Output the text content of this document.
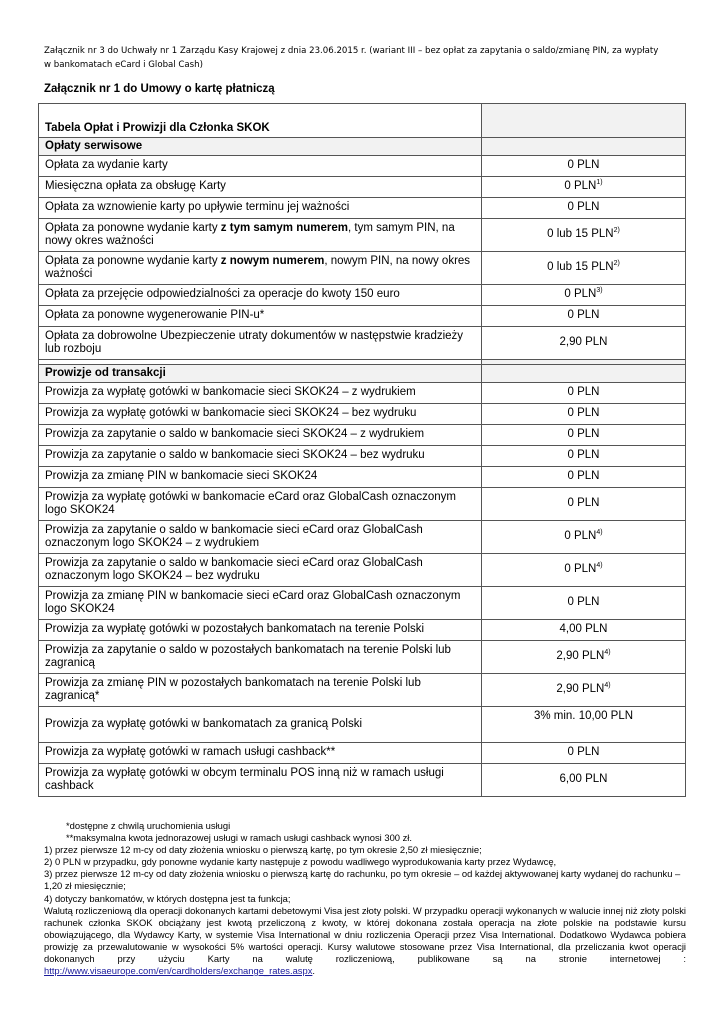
Załącznik nr 3 do Uchwały nr 1 Zarządu Kasy Krajowej z dnia 23.06.2015 r. (wariant III – bez opłat za zapytania o saldo/zmianę PIN, za wypłaty
w bankomatach eCard i Global Cash)
Załącznik nr 1 do Umowy o kartę płatniczą
Tabela Opłat i Prowizji dla Członka SKOK	
Opłaty serwisowe	
Opłata za wydanie karty	0 PLN
Miesięczna opłata za obsługę Karty	0 PLN$^{1)}$
Opłata za wznowienie karty po upływie terminu jej ważności	0 PLN
Opłata za ponowne wydanie karty z tym samym numerem, tym samym PIN, na nowy okres ważności	0 lub 15 PLN$^{2)}$
Opłata za ponowne wydanie karty z nowym numerem, nowym PIN, na nowy okres ważności	0 lub 15 PLN$^{2)}$
Opłata za przejęcie odpowiedzialności za operacje do kwoty 150 euro	0 PLN$^{3)}$
Opłata za ponowne wygenerowanie PIN-u*	0 PLN
Opłata za dobrowolne Ubezpieczenie utraty dokumentów w następstwie kradzieży lub rozboju	2,90 PLN

Prowizje od transakcji	
Prowizja za wypłatę gotówki w bankomacie sieci SKOK24 – z wydrukiem	0 PLN
Prowizja za wypłatę gotówki w bankomacie sieci SKOK24 – bez wydruku	0 PLN
Prowizja za zapytanie o saldo w bankomacie sieci SKOK24 – z wydrukiem	0 PLN
Prowizja za zapytanie o saldo w bankomacie sieci SKOK24 – bez wydruku	0 PLN
Prowizja za zmianę PIN w bankomacie sieci SKOK24	0 PLN
Prowizja za wypłatę gotówki w bankomacie eCard oraz GlobalCash oznaczonym logo SKOK24	0 PLN
Prowizja za zapytanie o saldo w bankomacie sieci eCard oraz GlobalCash oznaczonym logo SKOK24 – z wydrukiem	0 PLN$^{4)}$
Prowizja za zapytanie o saldo w bankomacie sieci eCard oraz GlobalCash oznaczonym logo SKOK24 – bez wydruku	0 PLN$^{4)}$
Prowizja za zmianę PIN w bankomacie sieci eCard oraz GlobalCash oznaczonym logo SKOK24	0 PLN
Prowizja za wypłatę gotówki w pozostałych bankomatach na terenie Polski	4,00 PLN
Prowizja za zapytanie o saldo w pozostałych bankomatach na terenie Polski lub zagranicą	2,90 PLN$^{4)}$
Prowizja za zmianę PIN w pozostałych bankomatach na terenie Polski lub zagranicą*	2,90 PLN$^{4)}$
Prowizja za wypłatę gotówki w bankomatach za granicą Polski	3% min. 10,00 PLN
Prowizja za wypłatę gotówki w ramach usługi cashback**	0 PLN
Prowizja za wypłatę gotówki w obcym terminalu POS inną niż w ramach usługi cashback	6,00 PLN
*dostępne z chwilą uruchomienia usługi
**maksymalna kwota jednorazowej usługi w ramach usługi cashback wynosi 300 zł.
1) przez pierwsze 12 m-cy od daty złożenia wniosku o pierwszą kartę, po tym okresie 2,50 zł miesięcznie;
2) 0 PLN w przypadku, gdy ponowne wydanie karty następuje z powodu wadliwego wyprodukowania karty przez Wydawcę,
3) przez pierwsze 12 m-cy od daty złożenia wniosku o pierwszą kartę do rachunku, po tym okresie – od każdej aktywowanej karty wydanej do rachunku – 1,20 zł miesięcznie;
4) dotyczy bankomatów, w których dostępna jest ta funkcja;
Walutą rozliczeniową dla operacji dokonanych kartami debetowymi Visa jest złoty polski. W przypadku operacji wykonanych w walucie innej niż złoty polski rachunek członka SKOK obciążany jest kwotą przeliczoną z kwoty, w której dokonana została operacja na złote polskie na podstawie kursu obowiązującego, dla Wydawcy Karty, w systemie Visa International w dniu rozliczenia Operacji przez Visa International. Dodatkowo Wydawca pobiera prowizję za przewalutowanie w wysokości 5% wartości operacji. Kursy walutowe stosowane przez Visa International, dla przeliczania kwot operacji dokonanych przy użyciu Karty na walutę rozliczeniową, publikowane są na stronie internetowej : http://www.visaeurope.com/en/cardholders/exchange_rates.aspx.
